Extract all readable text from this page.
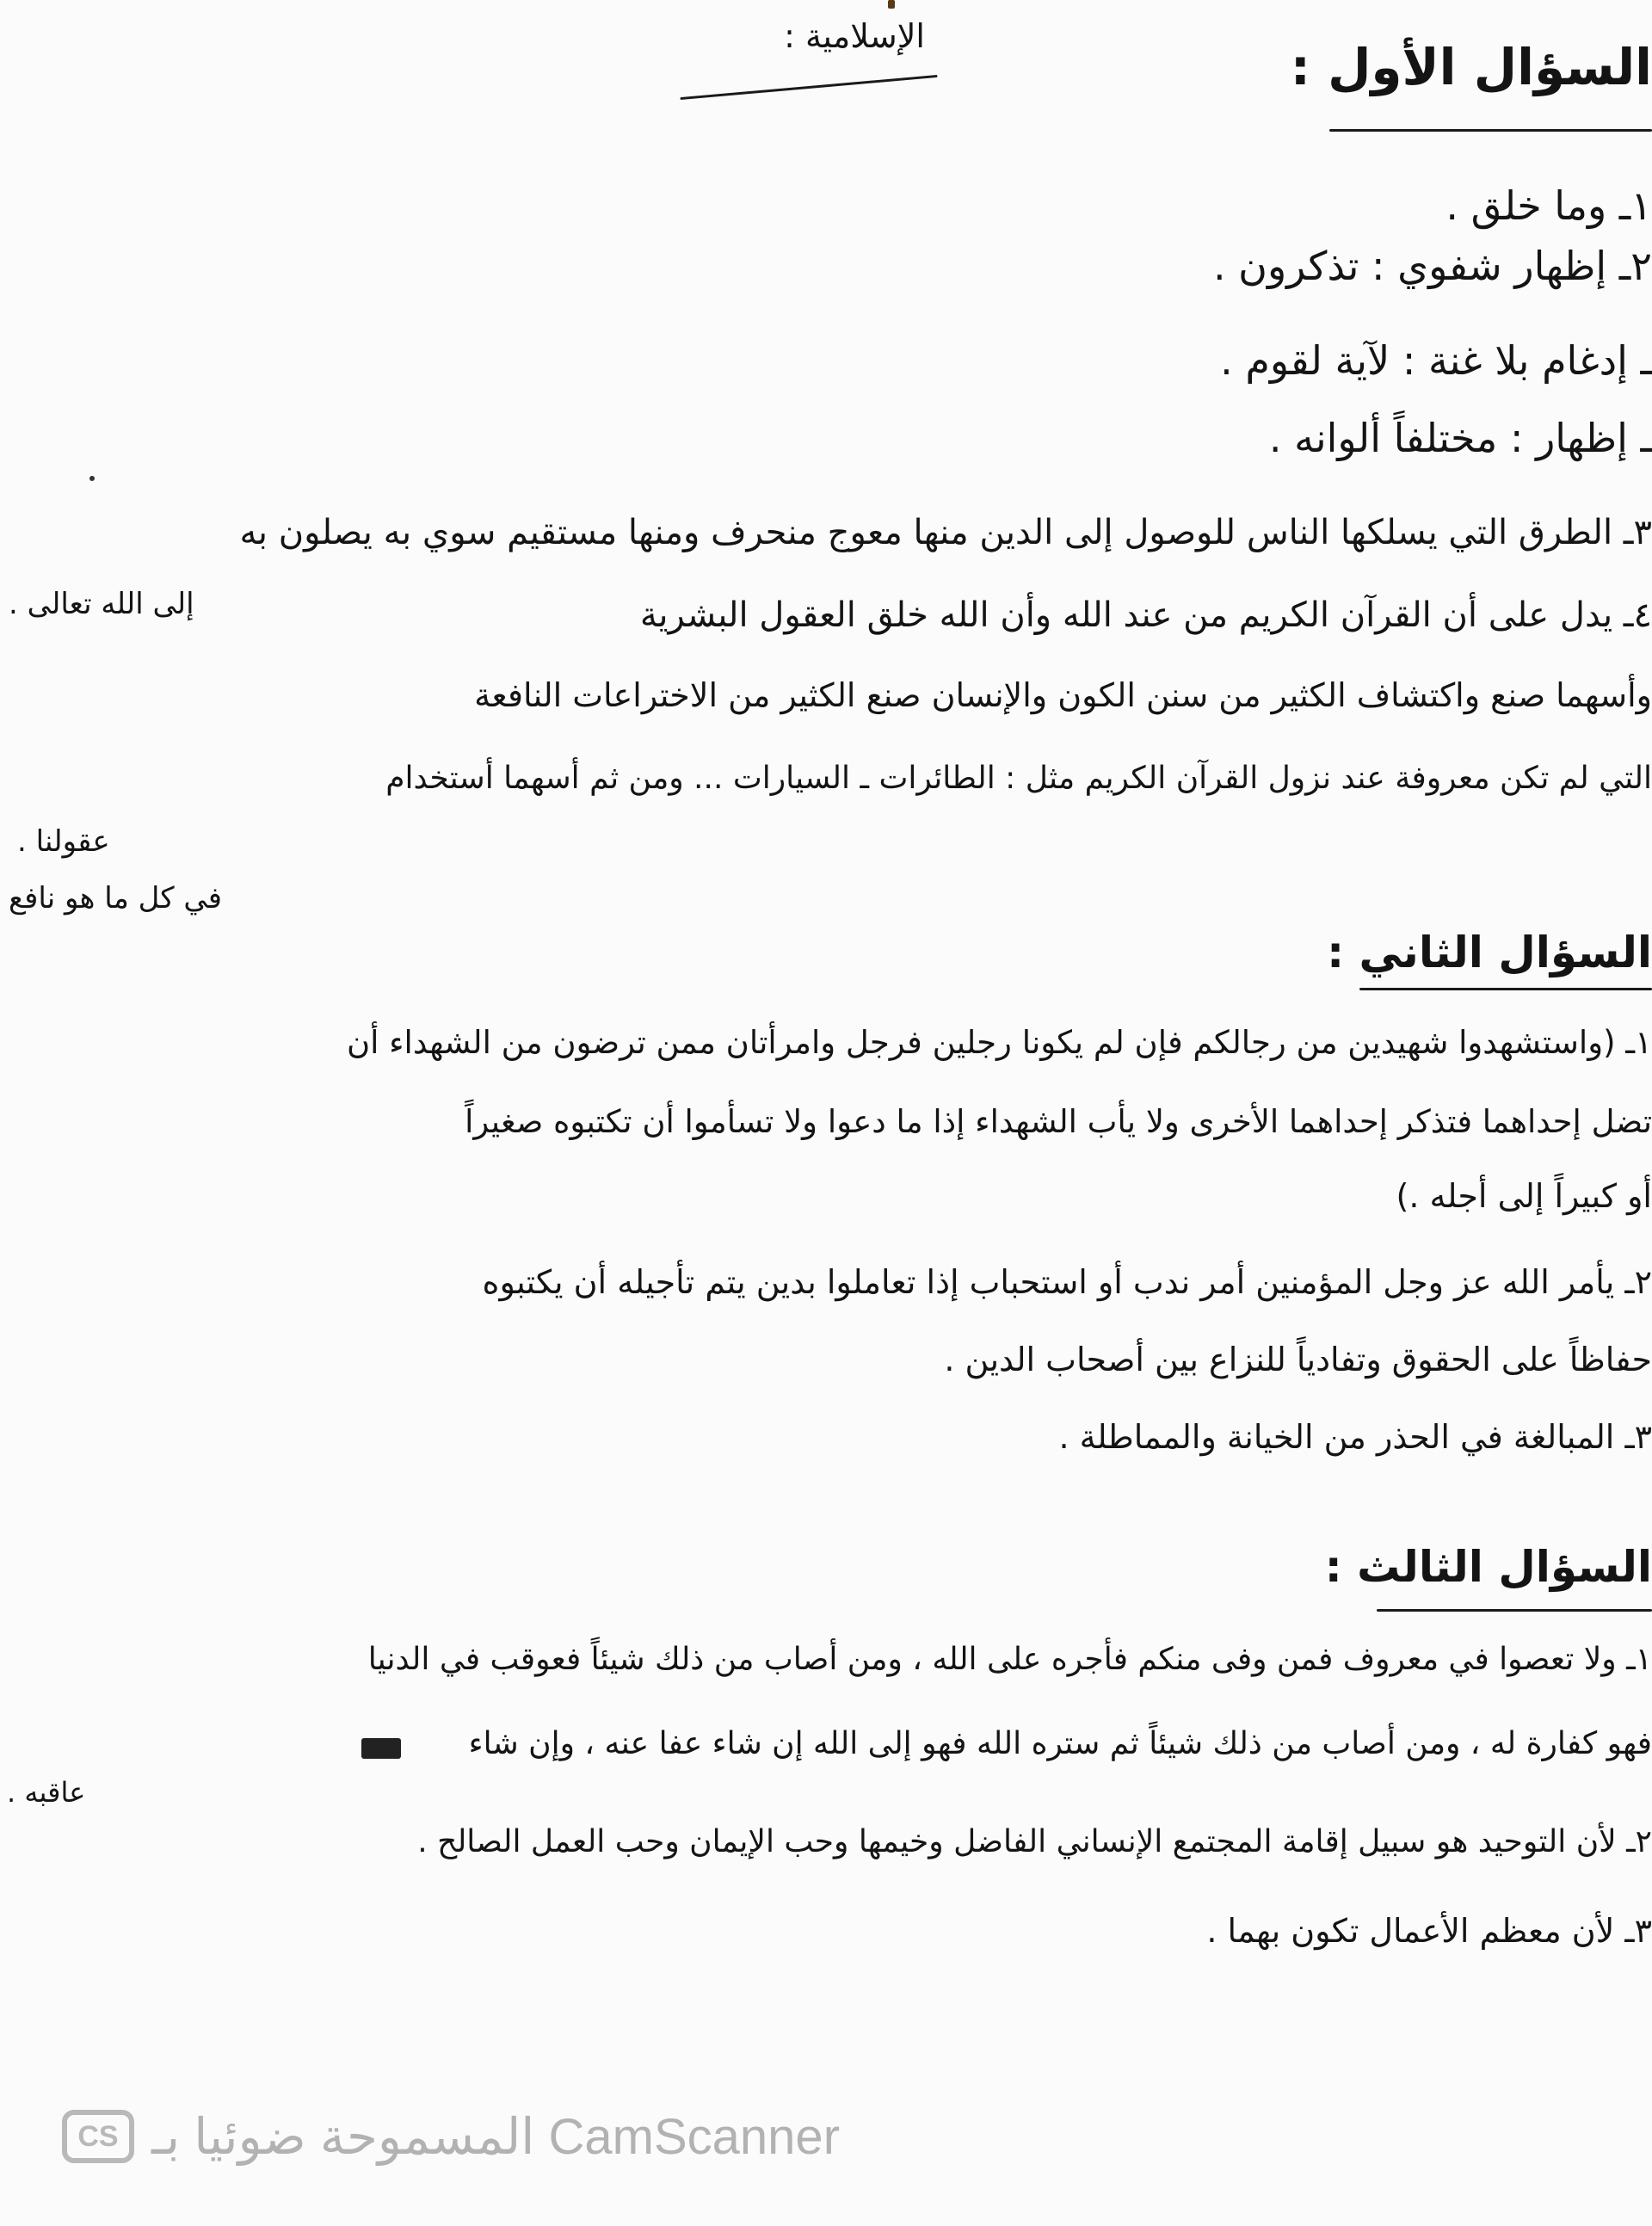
الإسلامية :
السؤال الأول :
١ـ وما خلق .
٢ـ إظهار شفوي : تذكرون .
ـ إدغام بلا غنة : لآية لقوم .
ـ إظهار : مختلفاً ألوانه .
٣ـ الطرق التي يسلكها الناس للوصول إلى الدين منها معوج منحرف ومنها مستقيم سوي به يصلون به
إلى الله تعالى .	٤ـ يدل على أن القرآن الكريم من عند الله وأن الله خلق العقول البشرية
وأسهما صنع واكتشاف الكثير من سنن الكون والإنسان صنع الكثير من الاختراعات النافعة
التي لم تكن معروفة عند نزول القرآن الكريم مثل : الطائرات ـ السيارات ... ومن ثم أسهما أستخدام
عقولنا .
في كل ما هو نافع
السؤال الثاني :
١ـ (واستشهدوا شهيدين من رجالكم فإن لم يكونا رجلين فرجل وامرأتان ممن ترضون من الشهداء أن
تضل إحداهما فتذكر إحداهما الأخرى ولا يأب الشهداء إذا ما دعوا ولا تسأموا أن تكتبوه صغيراً
أو كبيراً إلى أجله .)
٢ـ يأمر الله عز وجل المؤمنين أمر ندب أو استحباب إذا تعاملوا بدين يتم تأجيله أن يكتبوه
حفاظاً على الحقوق وتفادياً للنزاع بين أصحاب الدين .
٣ـ المبالغة في الحذر من الخيانة والمماطلة .
السؤال الثالث :
١ـ ولا تعصوا في معروف فمن وفى منكم فأجره على الله ، ومن أصاب من ذلك شيئاً فعوقب في الدنيا
فهو كفارة له ، ومن أصاب من ذلك شيئاً ثم ستره الله فهو إلى الله إن شاء عفا عنه ، وإن شاء
عاقبه .
٢ـ لأن التوحيد هو سبيل إقامة المجتمع الإنساني الفاضل وخيمها وحب الإيمان وحب العمل الصالح .
٣ـ لأن معظم الأعمال تكون بهما .
CS المسموحة ضوئيا بـ CamScanner
